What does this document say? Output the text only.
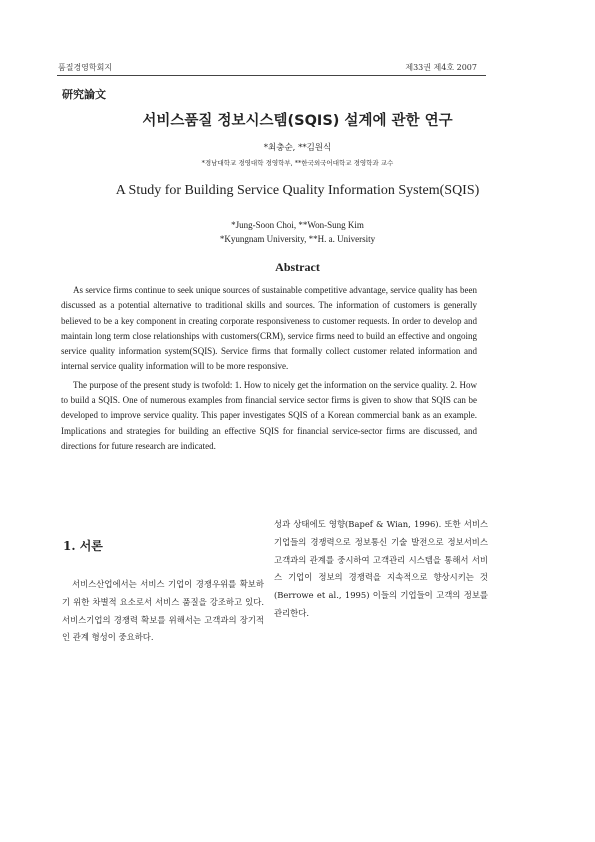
품질경영학회지	제33권 제4호 2007
研究論文
서비스품질 정보시스템(SQIS) 설계에 관한 연구
*최충순, **김원식
*경남대학교 경영대학 경영학부, **한국외국어대학교 경영학과 교수
A Study for Building Service Quality Information System(SQIS)
*Jung-Soon Choi, **Won-Sung Kim
*Kyungnam University, **H. a. University
Abstract

As service firms continue to seek unique sources of sustainable competitive advantage, service quality has been discussed as a potential alternative to traditional skills and sources. The information of customers is generally believed to be a key component in creating corporate responsiveness to customer requests. In order to develop and maintain long term close relationships with customers(CRM), service firms need to build an effective and ongoing service quality information system(SQIS). Service firms that formally collect customer related information and internal service quality information will to be more responsive.

The purpose of the present study is twofold: 1. How to nicely get the information on the service quality. 2. How to build a SQIS. One of numerous examples from financial service sector firms is given to show that SQIS can be developed to improve service quality. This paper investigates SQIS of a Korean commercial bank as an example. Implications and strategies for building an effective SQIS for financial service-sector firms are discussed, and directions for future research are indicated.

1. 서론

서비스산업에서는 서비스 기업이 경쟁우위를 확보하기 위한 차별적 요소로서 서비스 품질을 강조하고 있다. 서비스기업의 경쟁력 확보를 위해서는 고객과의 장기적인 관계 형성이 중요하다.

성과 상태에도 영향(Bapef & Wian, 1996). 또한 서비스 기업들의 경쟁력으로 정보통신 기술 발전으로 정보서비스 고객과의 관계를 중시하여 고객관리 시스템을 통해서 서비스 기업이 정보의 경쟁력을 지속적으로 향상시키는 것 (Berrowe et al., 1995) 이들의 기업들이 고객의 정보를 관리한다.
